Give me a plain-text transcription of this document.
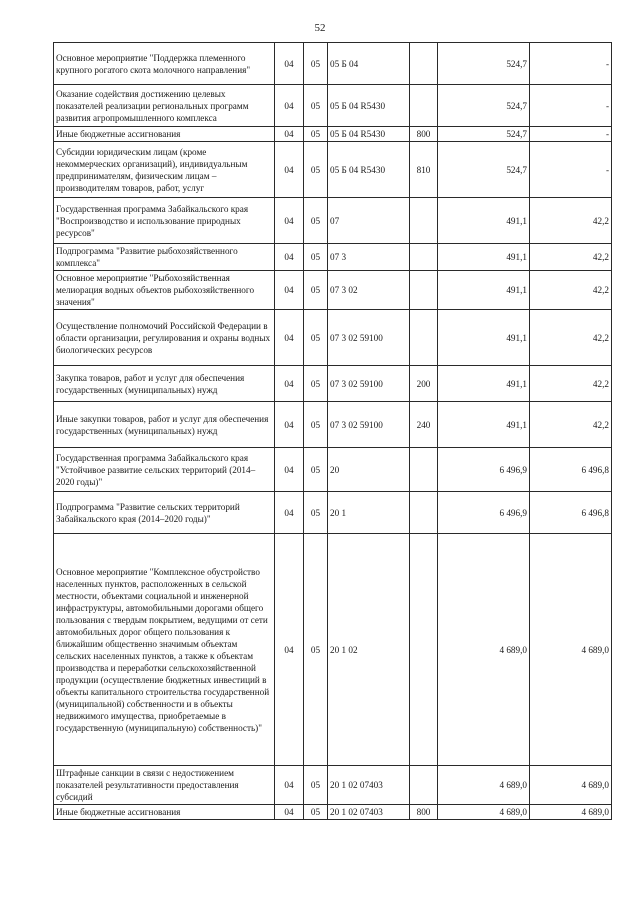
52
Основное мероприятие "Поддержка племенного крупного рогатого скота молочного направления"	04	05	05 Б 04		524,7	-
Оказание содействия достижению целевых показателей реализации региональных программ развития агропромышленного комплекса	04	05	05 Б 04 R5430		524,7	-
Иные бюджетные ассигнования	04	05	05 Б 04 R5430	800	524,7	-
Субсидии юридическим лицам (кроме некоммерческих организаций), индивидуальным предпринимателям, физическим лицам – производителям товаров, работ, услуг	04	05	05 Б 04 R5430	810	524,7	-
Государственная программа Забайкальского края "Воспроизводство и использование природных ресурсов"	04	05	07		491,1	42,2
Подпрограмма "Развитие рыбохозяйственного комплекса"	04	05	07 3		491,1	42,2
Основное мероприятие "Рыбохозяйственная мелиорация водных объектов рыбохозяйственного значения"	04	05	07 3 02		491,1	42,2
Осуществление полномочий Российской Федерации в области организации, регулирования и охраны водных биологических ресурсов	04	05	07 3 02 59100		491,1	42,2
Закупка товаров, работ и услуг для обеспечения государственных (муниципальных) нужд	04	05	07 3 02 59100	200	491,1	42,2
Иные закупки товаров, работ и услуг для обеспечения государственных (муниципальных) нужд	04	05	07 3 02 59100	240	491,1	42,2
Государственная программа Забайкальского края "Устойчивое развитие сельских территорий (2014–2020 годы)"	04	05	20		6 496,9	6 496,8
Подпрограмма "Развитие сельских территорий Забайкальского края (2014–2020 годы)"	04	05	20 1		6 496,9	6 496,8
Основное мероприятие "Комплексное обустройство населенных пунктов, расположенных в сельской местности, объектами социальной и инженерной инфраструктуры, автомобильными дорогами общего пользования с твердым покрытием, ведущими от сети автомобильных дорог общего пользования к ближайшим общественно значимым объектам сельских населенных пунктов, а также к объектам производства и переработки сельскохозяйственной продукции (осуществление бюджетных инвестиций в объекты капитального строительства государственной (муниципальной) собственности и в объекты недвижимого имущества, приобретаемые в государственную (муниципальную) собственность)"	04	05	20 1 02		4 689,0	4 689,0
Штрафные санкции в связи с недостижением показателей результативности предоставления субсидий	04	05	20 1 02 07403		4 689,0	4 689,0
Иные бюджетные ассигнования	04	05	20 1 02 07403	800	4 689,0	4 689,0
